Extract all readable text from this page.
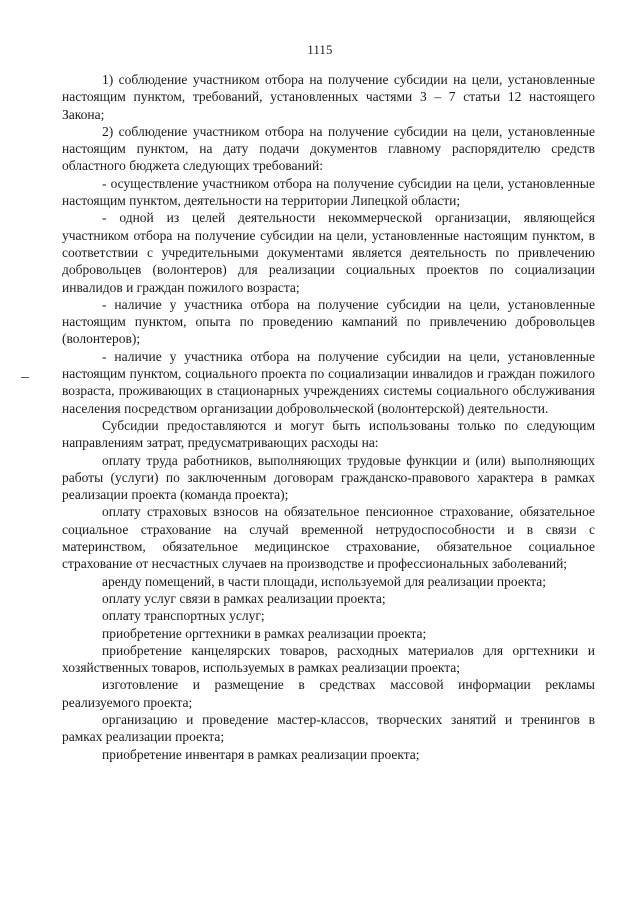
1115

1) соблюдение участником отбора на получение субсидии на цели, установленные настоящим пунктом, требований, установленных частями 3 – 7 статьи 12 настоящего Закона;

2) соблюдение участником отбора на получение субсидии на цели, установленные настоящим пунктом, на дату подачи документов главному распорядителю средств областного бюджета следующих требований:

- осуществление участником отбора на получение субсидии на цели, установленные настоящим пунктом, деятельности на территории Липецкой области;

- одной из целей деятельности некоммерческой организации, являющейся участником отбора на получение субсидии на цели, установленные настоящим пунктом, в соответствии с учредительными документами является деятельность по привлечению добровольцев (волонтеров) для реализации социальных проектов по социализации инвалидов и граждан пожилого возраста;

- наличие у участника отбора на получение субсидии на цели, установленные настоящим пунктом, опыта по проведению кампаний по привлечению добровольцев (волонтеров);

- наличие у участника отбора на получение субсидии на цели, установленные настоящим пунктом, социального проекта по социализации инвалидов и граждан пожилого возраста, проживающих в стационарных учреждениях системы социального обслуживания населения посредством организации добровольческой (волонтерской) деятельности.

Субсидии предоставляются и могут быть использованы только по следующим направлениям затрат, предусматривающих расходы на:

оплату труда работников, выполняющих трудовые функции и (или) выполняющих работы (услуги) по заключенным договорам гражданско-правового характера в рамках реализации проекта (команда проекта);

оплату страховых взносов на обязательное пенсионное страхование, обязательное социальное страхование на случай временной нетрудоспособности и в связи с материнством, обязательное медицинское страхование, обязательное социальное страхование от несчастных случаев на производстве и профессиональных заболеваний;

аренду помещений, в части площади, используемой для реализации проекта;

оплату услуг связи в рамках реализации проекта;

оплату транспортных услуг;

приобретение оргтехники в рамках реализации проекта;

приобретение канцелярских товаров, расходных материалов для оргтехники и хозяйственных товаров, используемых в рамках реализации проекта;

изготовление и размещение в средствах массовой информации рекламы реализуемого проекта;

организацию и проведение мастер-классов, творческих занятий и тренингов в рамках реализации проекта;

приобретение инвентаря в рамках реализации проекта;
